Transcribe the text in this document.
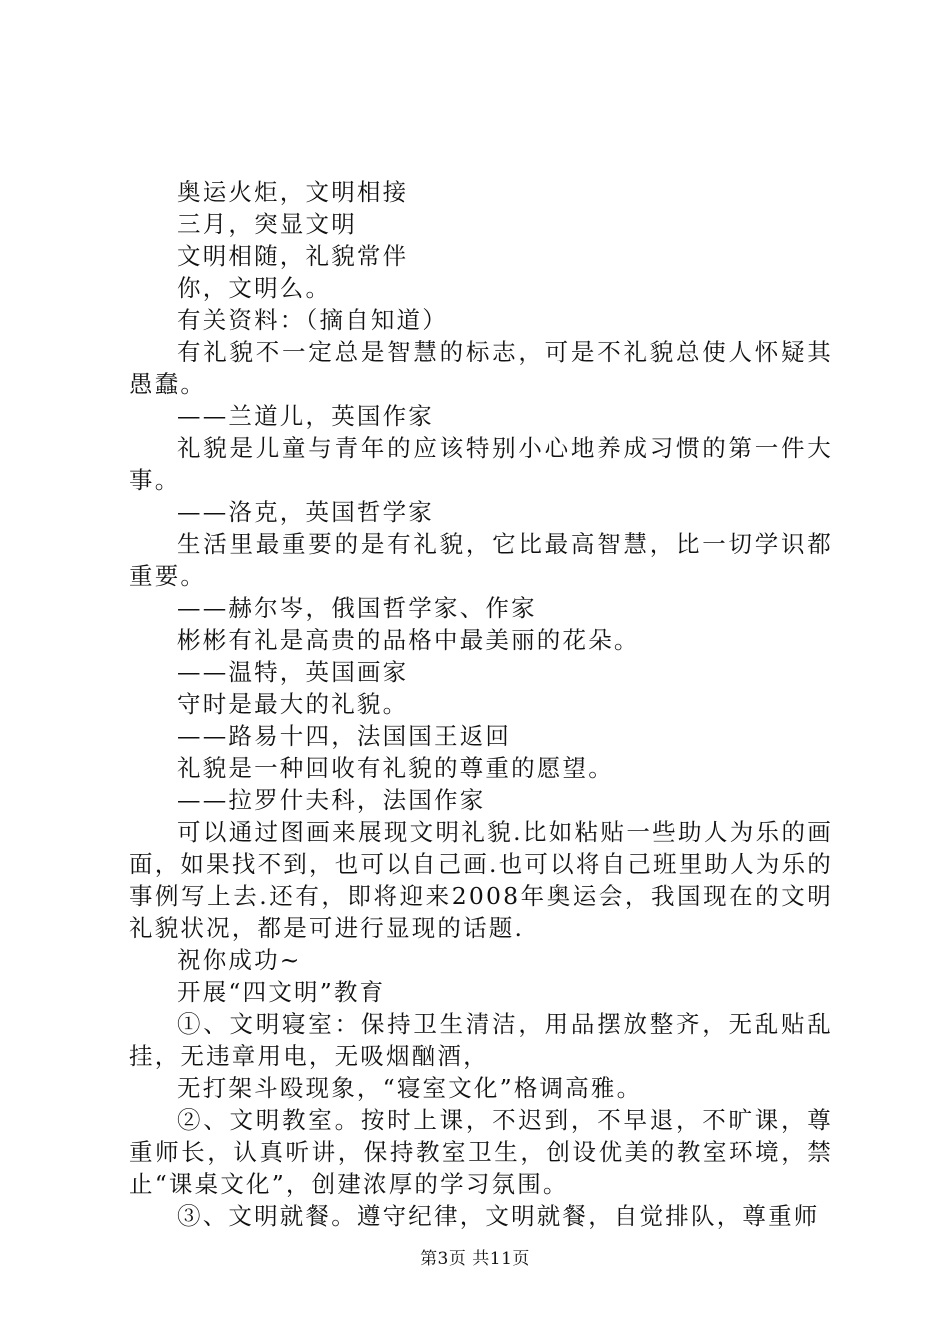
奥运火炬，文明相接

三月，突显文明

文明相随，礼貌常伴

你，文明么。

有关资料：（摘自知道）

有礼貌不一定总是智慧的标志，可是不礼貌总使人怀疑其愚蠢。

——兰道儿，英国作家

礼貌是儿童与青年的应该特别小心地养成习惯的第一件大事。

——洛克，英国哲学家

生活里最重要的是有礼貌，它比最高智慧，比一切学识都重要。

——赫尔岑，俄国哲学家、作家

彬彬有礼是高贵的品格中最美丽的花朵。

——温特，英国画家

守时是最大的礼貌。

——路易十四，法国国王返回

礼貌是一种回收有礼貌的尊重的愿望。

——拉罗什夫科，法国作家

可以通过图画来展现文明礼貌.比如粘贴一些助人为乐的画面，如果找不到，也可以自己画.也可以将自己班里助人为乐的事例写上去.还有，即将迎来2008年奥运会，我国现在的文明礼貌状况，都是可进行显现的话题.

祝你成功~

开展“四文明”教育

①、文明寝室：保持卫生清洁，用品摆放整齐，无乱贴乱挂，无违章用电，无吸烟酗酒，

无打架斗殴现象，“寝室文化”格调高雅。

②、文明教室。按时上课，不迟到，不早退，不旷课，尊重师长，认真听讲，保持教室卫生，创设优美的教室环境，禁止“课桌文化”，创建浓厚的学习氛围。

③、文明就餐。遵守纪律，文明就餐，自觉排队，尊重师

第3页 共11页
